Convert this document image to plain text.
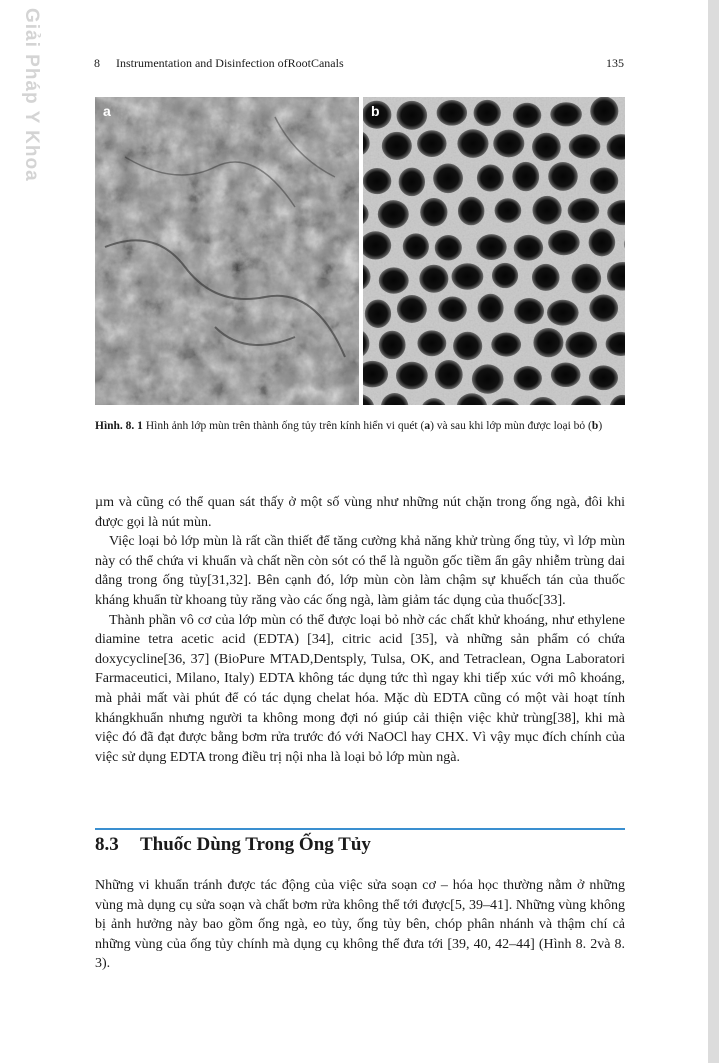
Giải Pháp Y Khoa	8 Instrumentation and Disinfection ofRootCanals	135
a	b
Hình. 8. 1 Hình ảnh lớp mùn trên thành ống tủy trên kính hiển vi quét (a) và sau khi lớp mùn được loại bỏ (b)

µm và cũng có thể quan sát thấy ở một số vùng như những nút chặn trong ống ngà, đôi khi được gọi là nút mùn.

Việc loại bỏ lớp mùn là rất cần thiết để tăng cường khả năng khử trùng ống tủy, vì lớp mùn này có thể chứa vi khuẩn và chất nền còn sót có thể là nguồn gốc tiềm ẩn gây nhiễm trùng dai dẳng trong ống tủy[31,32]. Bên cạnh đó, lớp mùn còn làm chậm sự khuếch tán của thuốc kháng khuẩn từ khoang tủy răng vào các ống ngà, làm giảm tác dụng của thuốc[33].

Thành phần vô cơ của lớp mùn có thể được loại bỏ nhờ các chất khử khoáng, như ethylene diamine tetra acetic acid (EDTA) [34], citric acid [35], và những sản phẩm có chứa doxycycline[36, 37] (BioPure MTAD,Dentsply, Tulsa, OK, and Tetraclean, Ogna Laboratori Farmaceutici, Milano, Italy) EDTA không tác dụng tức thì ngay khi tiếp xúc với mô khoáng, mà phải mất vài phút để có tác dụng chelat hóa. Mặc dù EDTA cũng có một vài hoạt tính khángkhuẩn nhưng người ta không mong đợi nó giúp cải thiện việc khử trùng[38], khi mà việc đó đã đạt được bằng bơm rửa trước đó với NaOCl hay CHX. Vì vậy mục đích chính của việc sử dụng EDTA trong điều trị nội nha là loại bỏ lớp mùn ngà.

8.3 Thuốc Dùng Trong Ống Tủy

Những vi khuẩn tránh được tác động của việc sửa soạn cơ – hóa học thường nằm ở những vùng mà dụng cụ sửa soạn và chất bơm rửa không thể tới được[5, 39–41]. Những vùng không bị ảnh hưởng này bao gồm ống ngà, eo tủy, ống tủy bên, chóp phân nhánh và thậm chí cả những vùng của ống tủy chính mà dụng cụ không thể đưa tới [39, 40, 42–44] (Hình 8. 2và 8. 3).
